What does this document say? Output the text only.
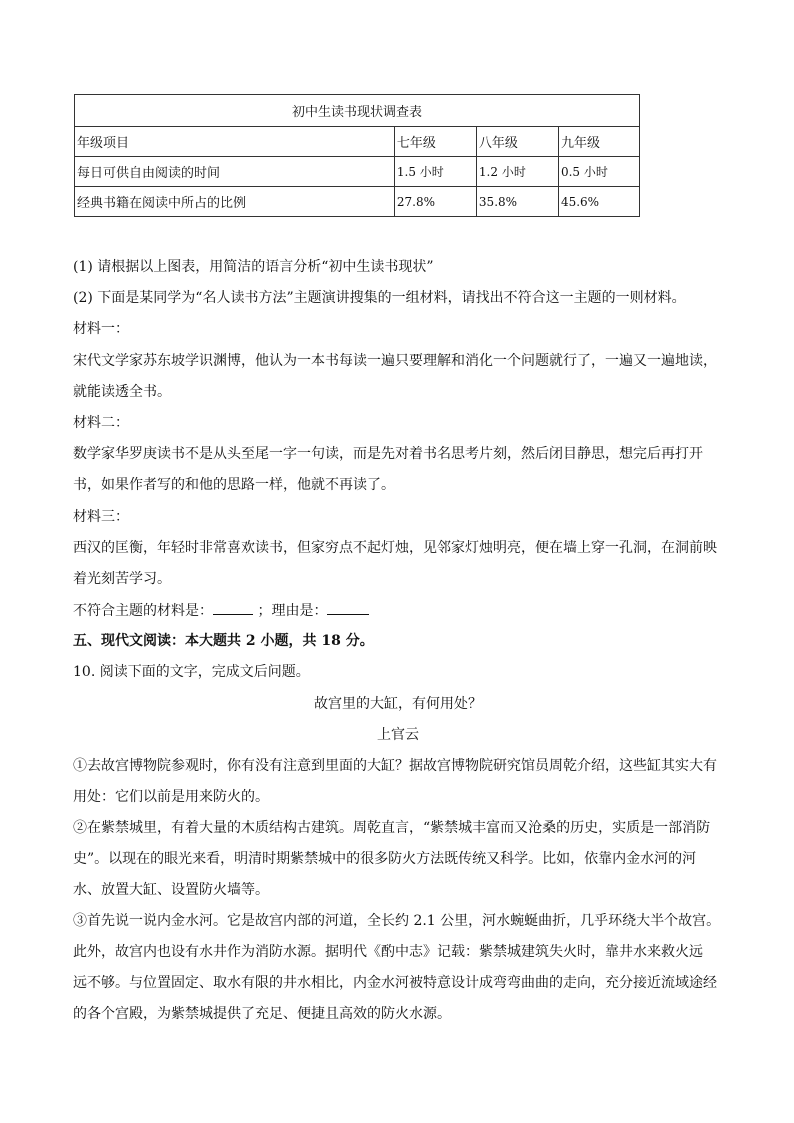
初中生读书现状调查表			
年级项目	七年级	八年级	九年级
每日可供自由阅读的时间	1.5 小时	1.2 小时	0.5 小时
经典书籍在阅读中所占的比例	27.8%	35.8%	45.6%
(1) 请根据以上图表，用简洁的语言分析“初中生读书现状”
(2) 下面是某同学为“名人读书方法”主题演讲搜集的一组材料，请找出不符合这一主题的一则材料。
材料一：
宋代文学家苏东坡学识渊博，他认为一本书每读一遍只要理解和消化一个问题就行了，一遍又一遍地读，
就能读透全书。
材料二：
数学家华罗庚读书不是从头至尾一字一句读，而是先对着书名思考片刻，然后闭目静思，想完后再打开
书，如果作者写的和他的思路一样，他就不再读了。
材料三：
西汉的匡衡，年轻时非常喜欢读书，但家穷点不起灯烛，见邻家灯烛明亮，便在墙上穿一孔洞，在洞前映
着光刻苦学习。
不符合主题的材料是：	；理由是：
五、现代文阅读：本大题共 2 小题，共 18 分。
10. 阅读下面的文字，完成文后问题。
故宫里的大缸，有何用处？
上官云
①去故宫博物院参观时，你有没有注意到里面的大缸？据故宫博物院研究馆员周乾介绍，这些缸其实大有
用处：它们以前是用来防火的。
②在紫禁城里，有着大量的木质结构古建筑。周乾直言，“紫禁城丰富而又沧桑的历史，实质是一部消防
史”。以现在的眼光来看，明清时期紫禁城中的很多防火方法既传统又科学。比如，依靠内金水河的河
水、放置大缸、设置防火墙等。
③首先说一说内金水河。它是故宫内部的河道，全长约 2.1 公里，河水蜿蜒曲折，几乎环绕大半个故宫。
此外，故宫内也设有水井作为消防水源。据明代《酌中志》记载：紫禁城建筑失火时，靠井水来救火远
远不够。与位置固定、取水有限的井水相比，内金水河被特意设计成弯弯曲曲的走向，充分接近流域途经
的各个宫殿，为紫禁城提供了充足、便捷且高效的防火水源。
